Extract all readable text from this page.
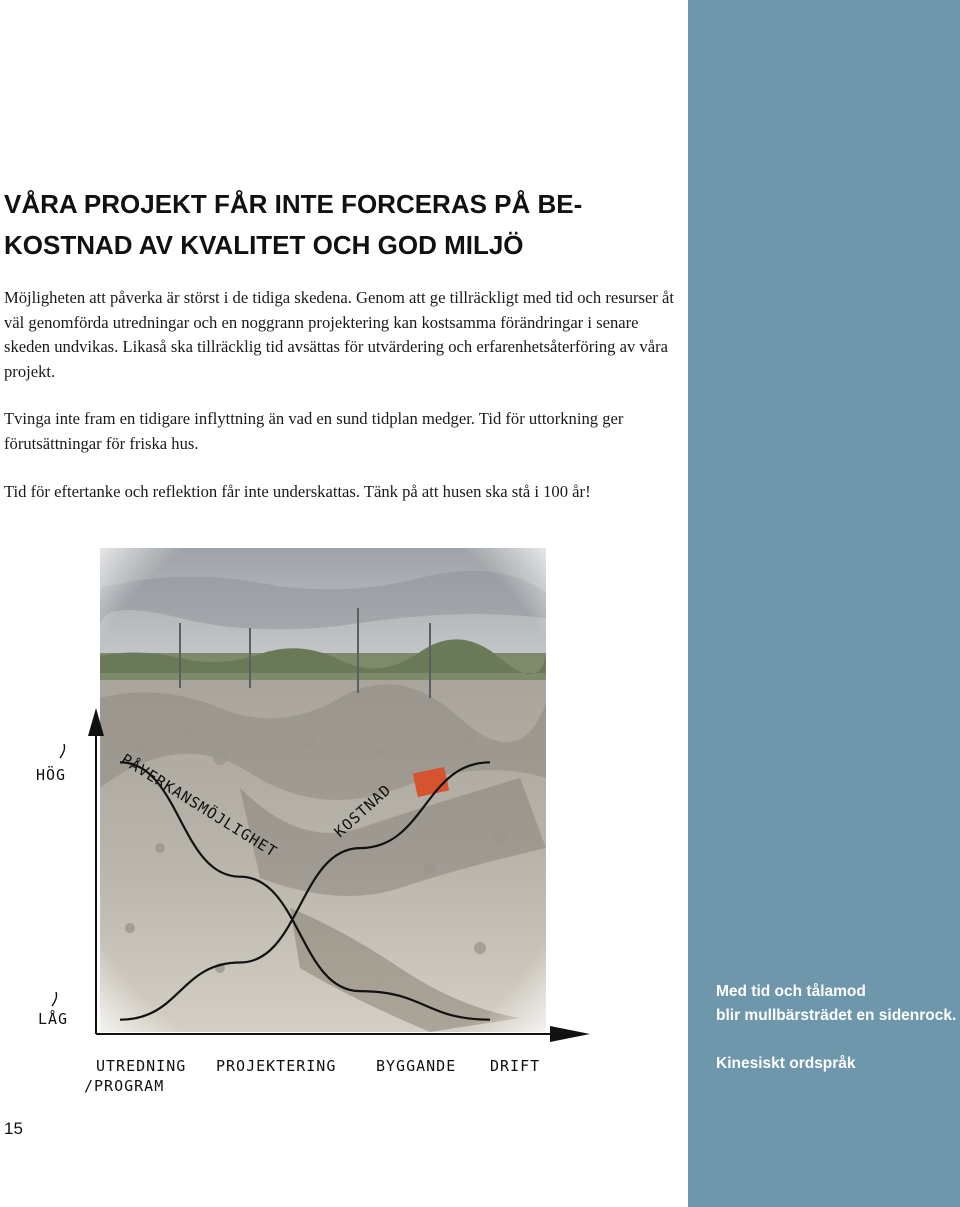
Med tid och tålamod
blir mullbärsträdet en sidenrock.
Kinesiskt ordspråk
VÅRA PROJEKT FÅR INTE FORCERAS PÅ BE-
KOSTNAD AV KVALITET OCH GOD MILJÖ

Möjligheten att påverka är störst i de tidiga skedena. Genom att ge tillräckligt med tid och resurser åt väl genomförda utredningar och en noggrann projektering kan kostsamma förändringar i senare skeden undvikas. Likaså ska tillräcklig tid avsättas för utvärdering och erfarenhetsåterföring av våra projekt.

Tvinga inte fram en tidigare inflyttning än vad en sund tidplan medger. Tid för uttorkning ger förutsättningar för friska hus.

Tid för eftertanke och reflektion får inte underskattas. Tänk på att husen ska stå i 100 år!

HÖG
LÅG
PÅVERKANSMÖJLIGHET	KOSTNAD
UTREDNING
/PROGRAM
PROJEKTERING	BYGGANDE DRIFT
15
